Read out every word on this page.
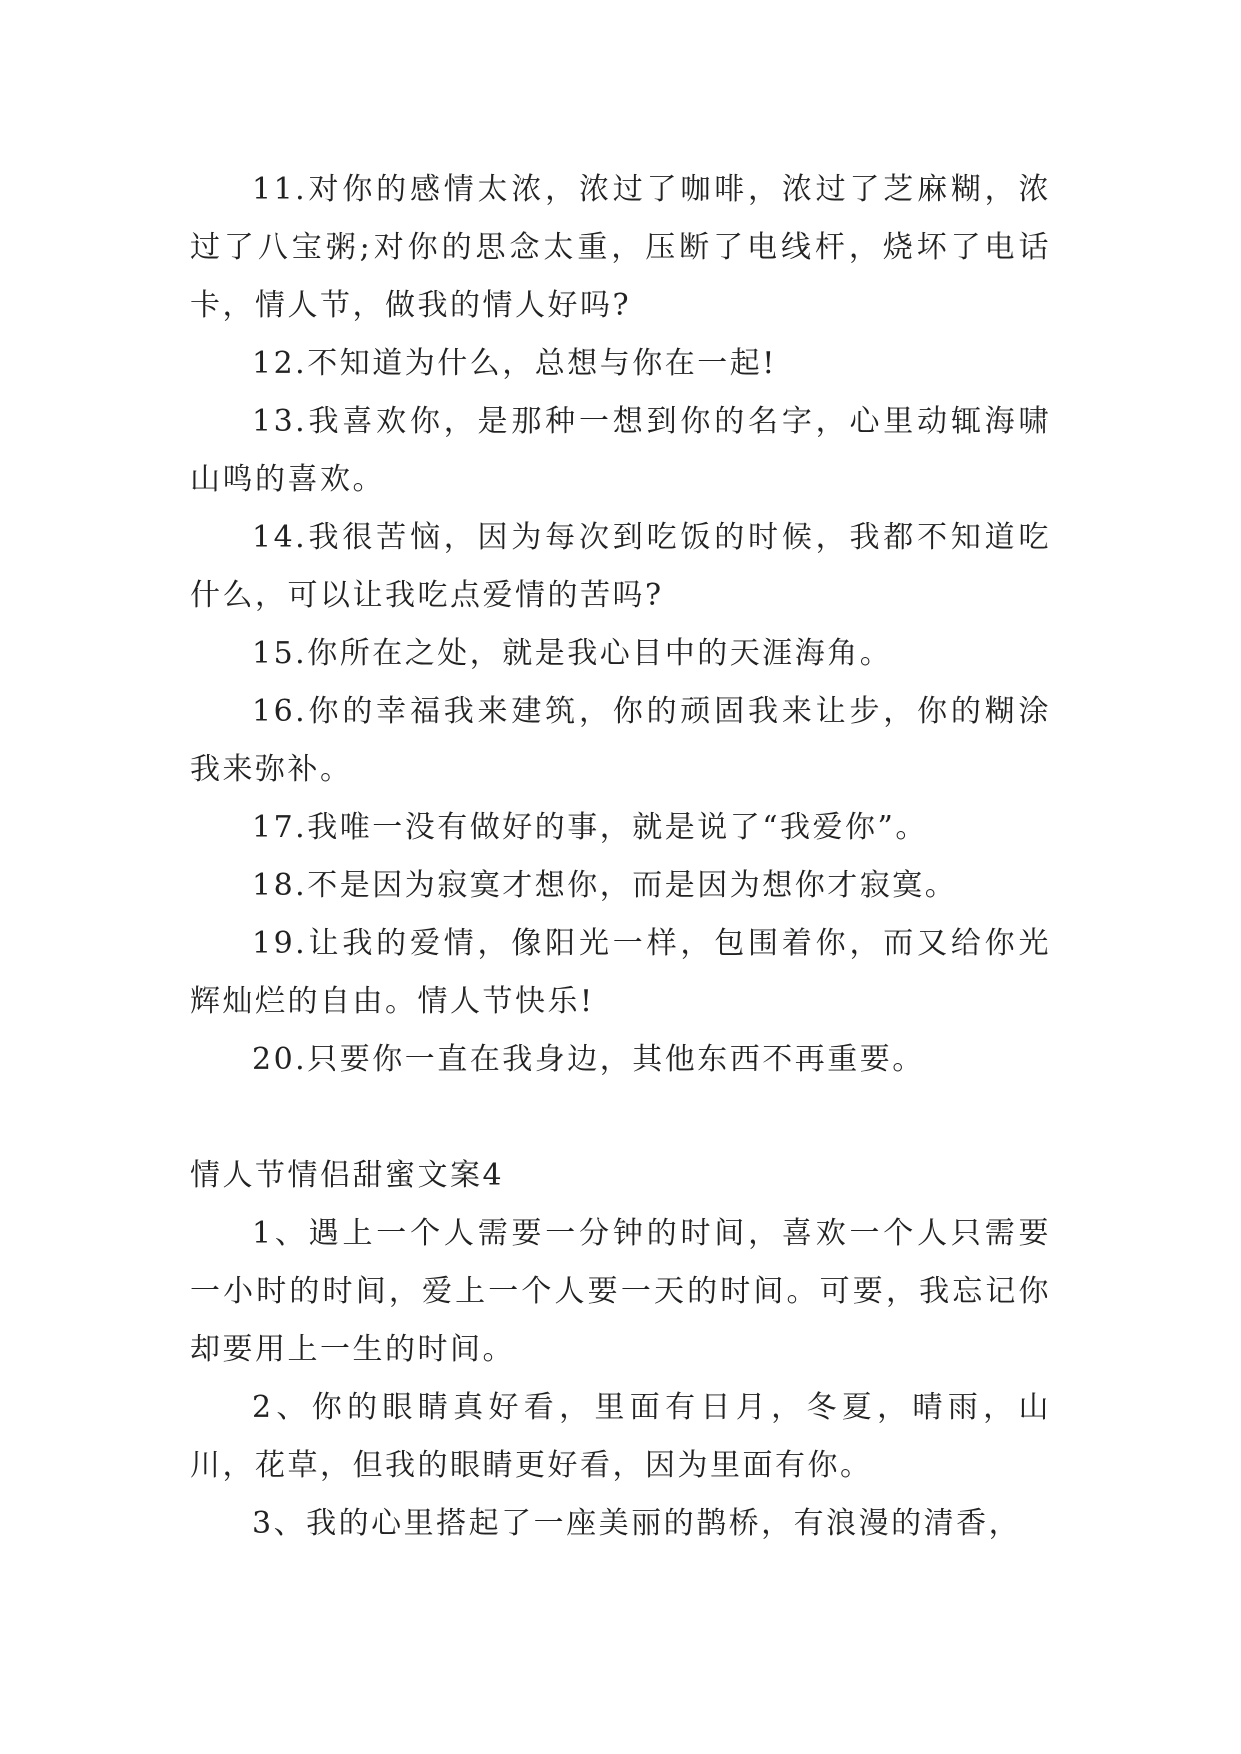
11.对你的感情太浓，浓过了咖啡，浓过了芝麻糊，浓过了八宝粥;对你的思念太重，压断了电线杆，烧坏了电话卡，情人节，做我的情人好吗?

12.不知道为什么，总想与你在一起!

13.我喜欢你，是那种一想到你的名字，心里动辄海啸山鸣的喜欢。

14.我很苦恼，因为每次到吃饭的时候，我都不知道吃什么，可以让我吃点爱情的苦吗?

15.你所在之处，就是我心目中的天涯海角。

16.你的幸福我来建筑，你的顽固我来让步，你的糊涂我来弥补。

17.我唯一没有做好的事，就是说了“我爱你”。

18.不是因为寂寞才想你，而是因为想你才寂寞。

19.让我的爱情，像阳光一样，包围着你，而又给你光辉灿烂的自由。情人节快乐!

20.只要你一直在我身边，其他东西不再重要。

情人节情侣甜蜜文案4

1、遇上一个人需要一分钟的时间，喜欢一个人只需要一小时的时间，爱上一个人要一天的时间。可要，我忘记你却要用上一生的时间。

2、你的眼睛真好看，里面有日月，冬夏，晴雨，山川，花草，但我的眼睛更好看，因为里面有你。

3、我的心里搭起了一座美丽的鹊桥，有浪漫的清香，
